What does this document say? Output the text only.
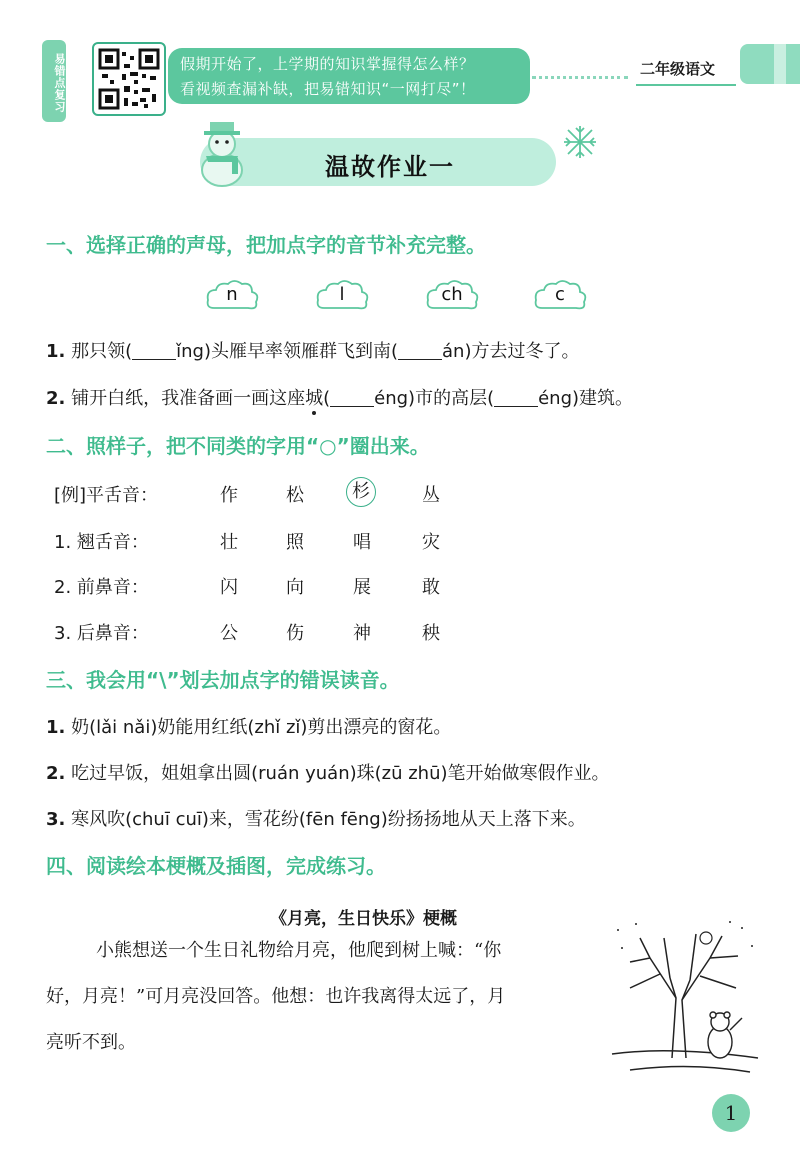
易错点复习	假期开始了，上学期的知识掌握得怎么样？
看视频查漏补缺，把易错知识“一网打尽”！
二年级语文
温故作业一
一、选择正确的声母，把加点字的音节补充完整。
n	l	ch	c
1. 那只领( ǐng)头雁早率领雁群飞到南( án)方去过冬了。
2. 铺开白纸，我准备画一画这座城( éng)市的高层( éng)建筑。
二、照样子，把不同类的字用“○”圈出来。
[例]平舌音：	作	松	杉	丛
1. 翘舌音：	壮	照	唱	灾
2. 前鼻音：	闪	向	展	敢
3. 后鼻音：	公	伤	神	秧
三、我会用“\”划去加点字的错误读音。
1. 奶(lǎi nǎi)奶能用红纸(zhǐ zǐ)剪出漂亮的窗花。
2. 吃过早饭，姐姐拿出圆(ruán yuán)珠(zū zhū)笔开始做寒假作业。
3. 寒风吹(chuī cuī)来，雪花纷(fēn fēng)纷扬扬地从天上落下来。
四、阅读绘本梗概及插图，完成练习。
《月亮，生日快乐》梗概
小熊想送一个生日礼物给月亮，他爬到树上喊：“你
好，月亮！”可月亮没回答。他想：也许我离得太远了，月
亮听不到。
1
